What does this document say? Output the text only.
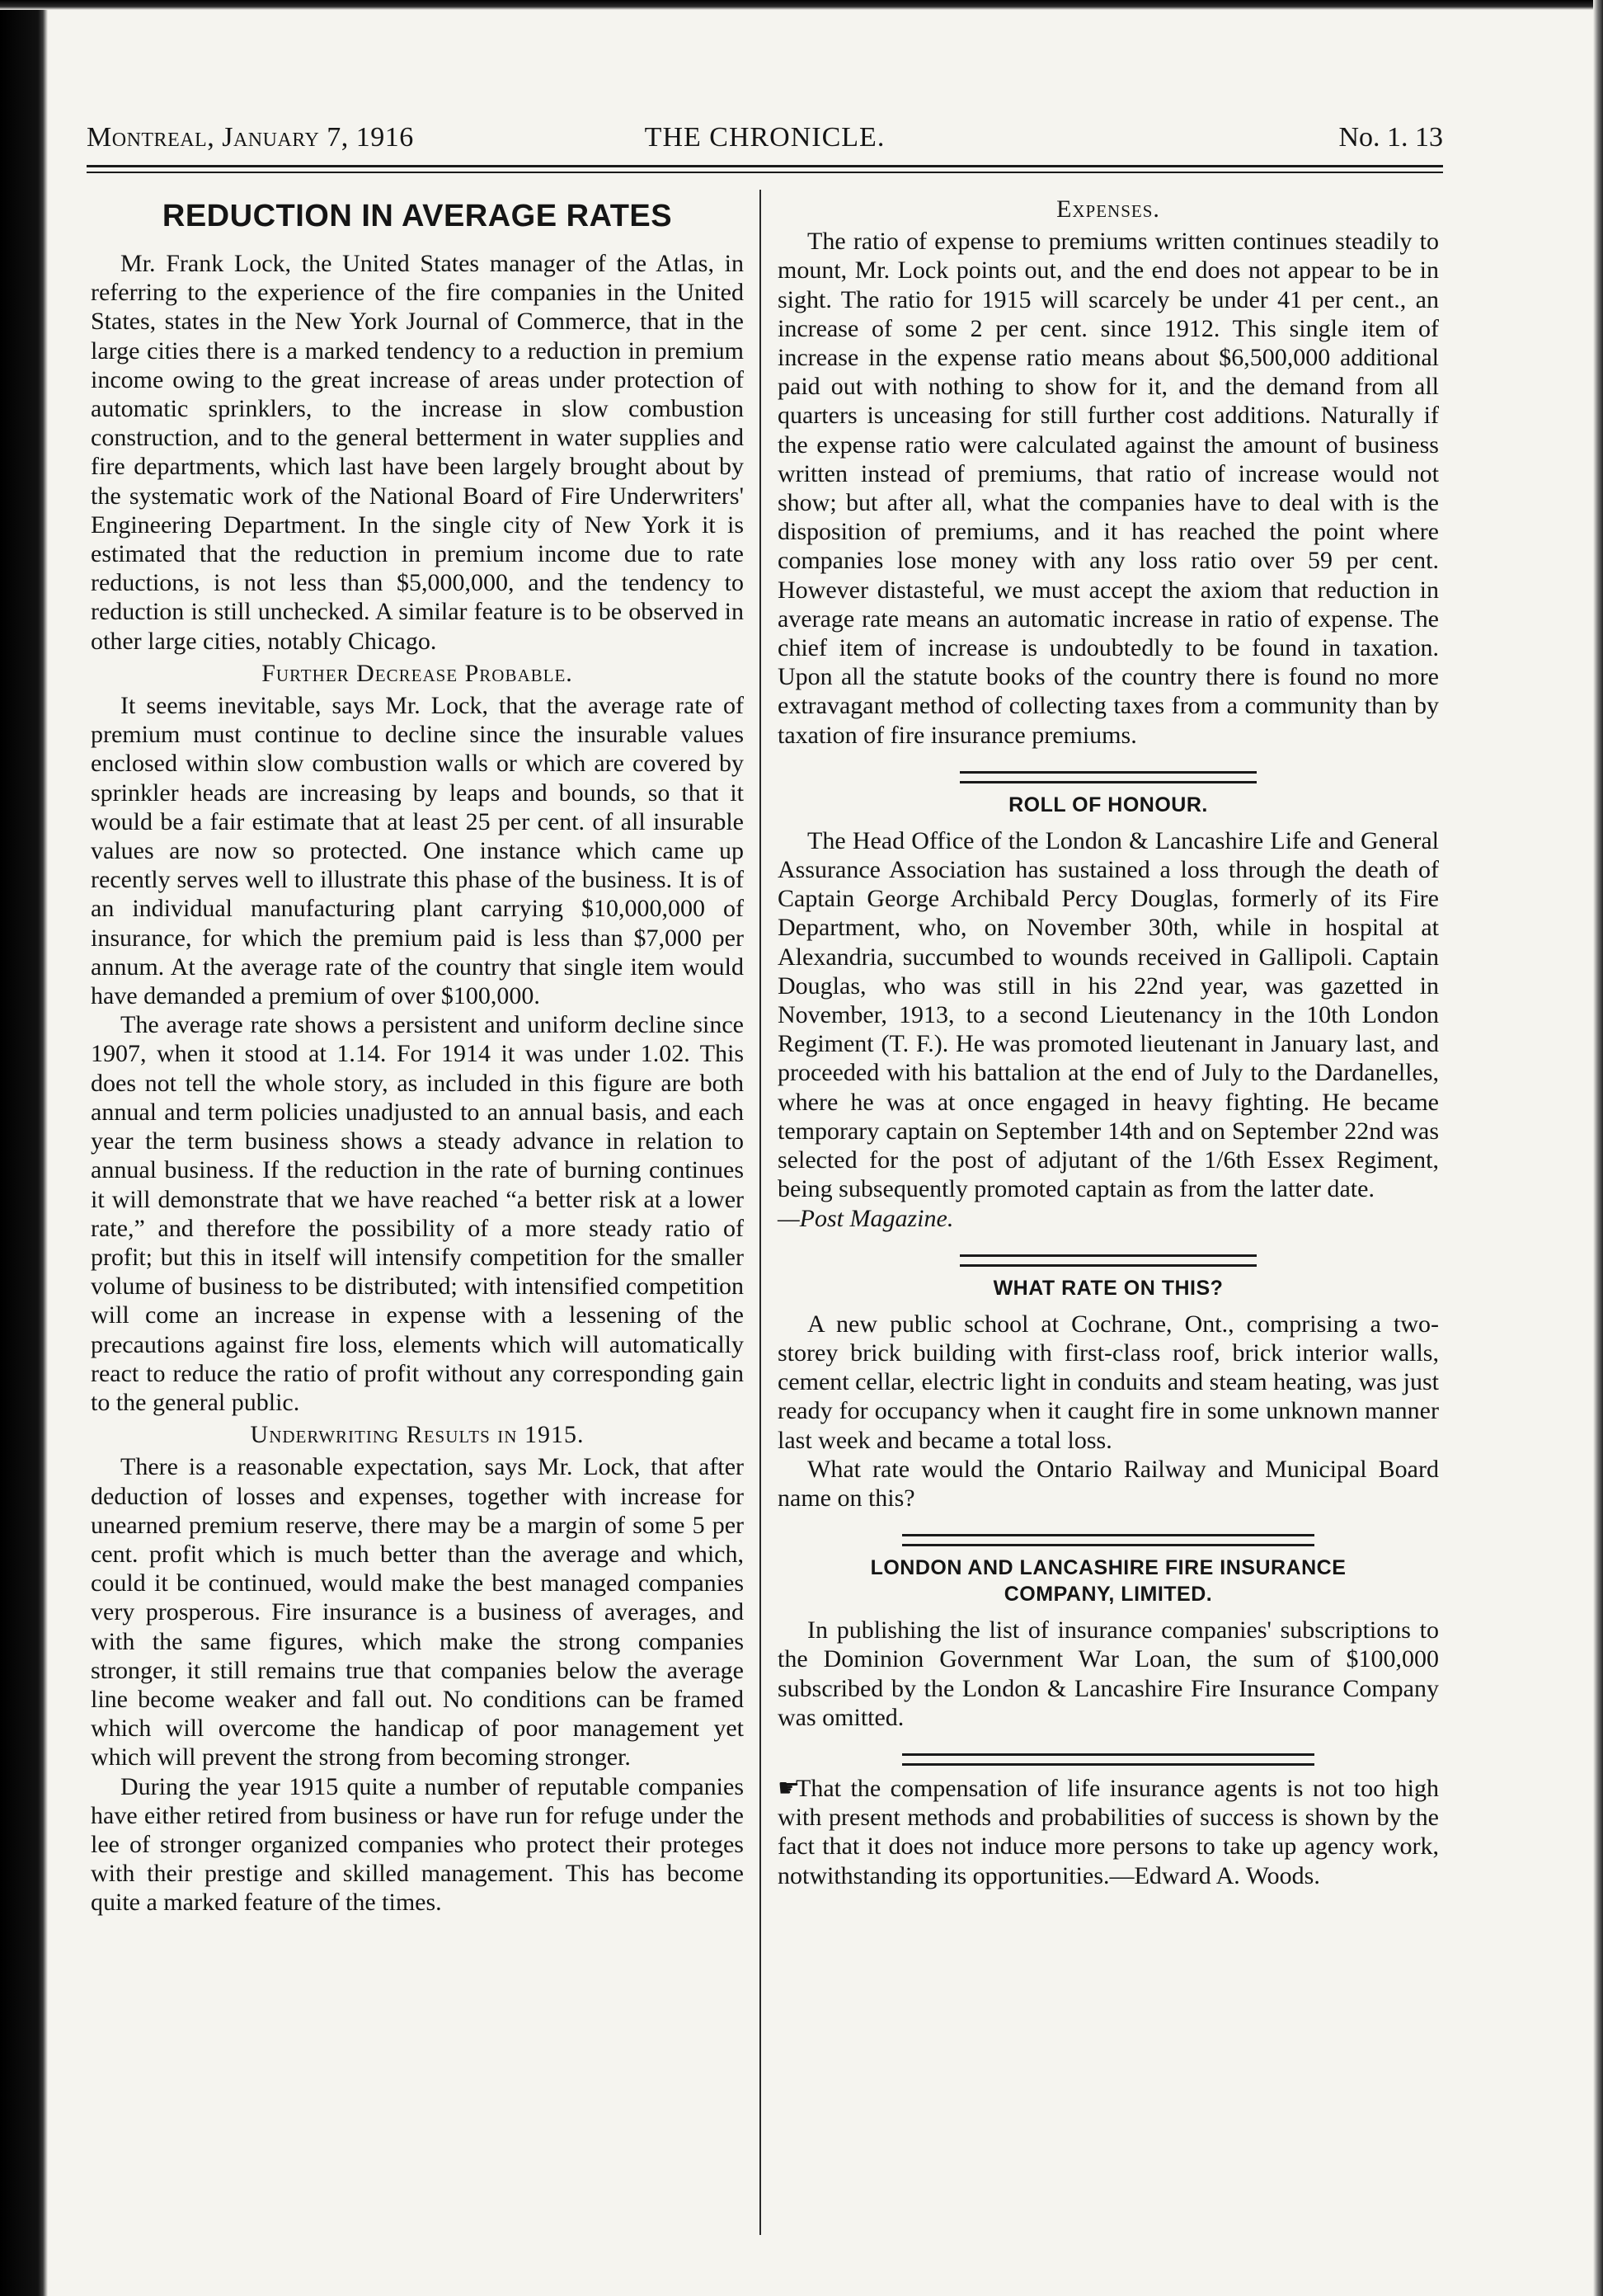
Montreal, January 7, 1916	THE CHRONICLE.	No. 1. 13
REDUCTION IN AVERAGE RATES

Mr. Frank Lock, the United States manager of the Atlas, in referring to the experience of the fire companies in the United States, states in the New York Journal of Commerce, that in the large cities there is a marked tendency to a reduction in premium income owing to the great increase of areas under protection of automatic sprinklers, to the increase in slow combustion construction, and to the general betterment in water supplies and fire departments, which last have been largely brought about by the systematic work of the National Board of Fire Underwriters' Engineering Department. In the single city of New York it is estimated that the reduction in premium income due to rate reductions, is not less than $5,000,000, and the tendency to reduction is still unchecked. A similar feature is to be observed in other large cities, notably Chicago.

Further Decrease Probable.

It seems inevitable, says Mr. Lock, that the average rate of premium must continue to decline since the insurable values enclosed within slow combustion walls or which are covered by sprinkler heads are increasing by leaps and bounds, so that it would be a fair estimate that at least 25 per cent. of all insurable values are now so protected. One instance which came up recently serves well to illustrate this phase of the business. It is of an individual manufacturing plant carrying $10,000,000 of insurance, for which the premium paid is less than $7,000 per annum. At the average rate of the country that single item would have demanded a premium of over $100,000.

The average rate shows a persistent and uniform decline since 1907, when it stood at 1.14. For 1914 it was under 1.02. This does not tell the whole story, as included in this figure are both annual and term policies unadjusted to an annual basis, and each year the term business shows a steady advance in relation to annual business. If the reduction in the rate of burning continues it will demonstrate that we have reached “a better risk at a lower rate,” and therefore the possibility of a more steady ratio of profit; but this in itself will intensify competition for the smaller volume of business to be distributed; with intensified competition will come an increase in expense with a lessening of the precautions against fire loss, elements which will automatically react to reduce the ratio of profit without any corresponding gain to the general public.

Underwriting Results in 1915.

There is a reasonable expectation, says Mr. Lock, that after deduction of losses and expenses, together with increase for unearned premium reserve, there may be a margin of some 5 per cent. profit which is much better than the average and which, could it be continued, would make the best managed companies very prosperous. Fire insurance is a business of averages, and with the same figures, which make the strong companies stronger, it still remains true that companies below the average line become weaker and fall out. No conditions can be framed which will overcome the handicap of poor management yet which will prevent the strong from becoming stronger.

During the year 1915 quite a number of reputable companies have either retired from business or have run for refuge under the lee of stronger organized companies who protect their proteges with their prestige and skilled management. This has become quite a marked feature of the times.

Expenses.

The ratio of expense to premiums written continues steadily to mount, Mr. Lock points out, and the end does not appear to be in sight. The ratio for 1915 will scarcely be under 41 per cent., an increase of some 2 per cent. since 1912. This single item of increase in the expense ratio means about $6,500,000 additional paid out with nothing to show for it, and the demand from all quarters is unceasing for still further cost additions. Naturally if the expense ratio were calculated against the amount of business written instead of premiums, that ratio of increase would not show; but after all, what the companies have to deal with is the disposition of premiums, and it has reached the point where companies lose money with any loss ratio over 59 per cent. However distasteful, we must accept the axiom that reduction in average rate means an automatic increase in ratio of expense. The chief item of increase is undoubtedly to be found in taxation. Upon all the statute books of the country there is found no more extravagant method of collecting taxes from a community than by taxation of fire insurance premiums.

ROLL OF HONOUR.

The Head Office of the London & Lancashire Life and General Assurance Association has sustained a loss through the death of Captain George Archibald Percy Douglas, formerly of its Fire Department, who, on November 30th, while in hospital at Alexandria, succumbed to wounds received in Gallipoli. Captain Douglas, who was still in his 22nd year, was gazetted in November, 1913, to a second Lieutenancy in the 10th London Regiment (T. F.). He was promoted lieutenant in January last, and proceeded with his battalion at the end of July to the Dardanelles, where he was at once engaged in heavy fighting. He became temporary captain on September 14th and on September 22nd was selected for the post of adjutant of the 1/6th Essex Regiment, being subsequently promoted captain as from the latter date.

—Post Magazine.

WHAT RATE ON THIS?

A new public school at Cochrane, Ont., comprising a two-storey brick building with first-class roof, brick interior walls, cement cellar, electric light in conduits and steam heating, was just ready for occupancy when it caught fire in some unknown manner last week and became a total loss.

What rate would the Ontario Railway and Municipal Board name on this?

LONDON AND LANCASHIRE FIRE INSURANCE
COMPANY, LIMITED.

In publishing the list of insurance companies' subscriptions to the Dominion Government War Loan, the sum of $100,000 subscribed by the London & Lancashire Fire Insurance Company was omitted.

☛That the compensation of life insurance agents is not too high with present methods and probabilities of success is shown by the fact that it does not induce more persons to take up agency work, notwithstanding its opportunities.—Edward A. Woods.
